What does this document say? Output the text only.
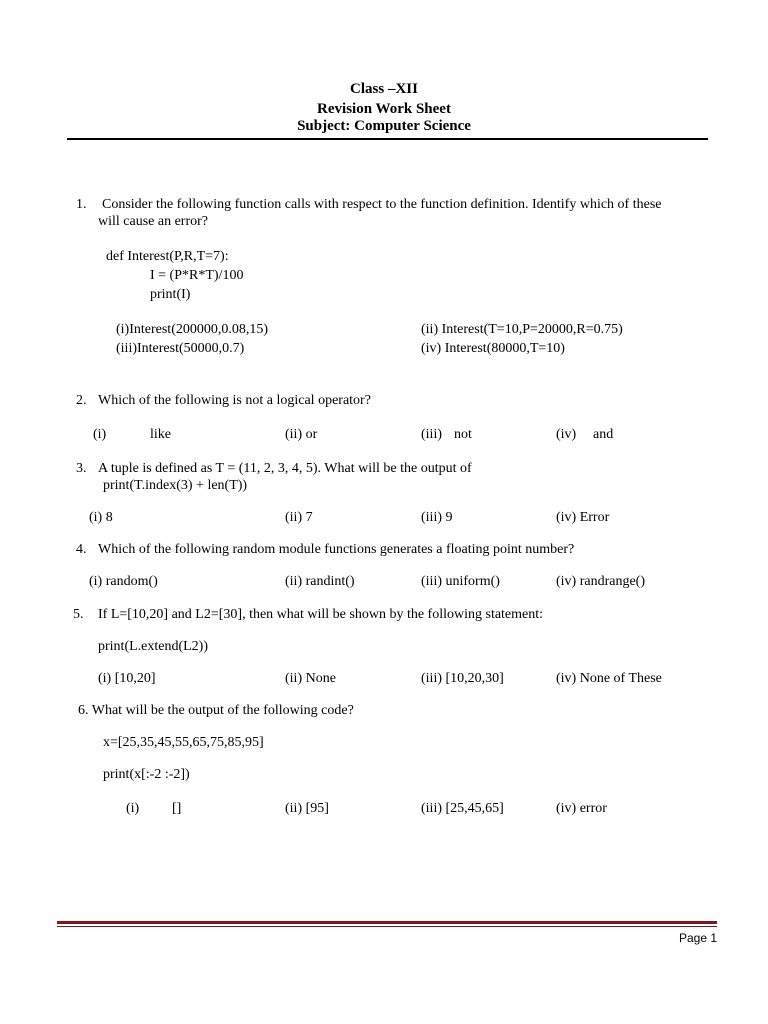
Class –XII
Revision Work Sheet
Subject: Computer Science
1. Consider the following function calls with respect to the function definition. Identify which of these
will cause an error?
def Interest(P,R,T=7):
I = (P*R*T)/100
print(I)
(i)Interest(200000,0.08,15)	(ii) Interest(T=10,P=20000,R=0.75)
(iii)Interest(50000,0.7)	(iv) Interest(80000,T=10)
2. Which of the following is not a logical operator?
(i)	like	(ii) or	(iii) not	(iv) and
3. A tuple is defined as T = (11, 2, 3, 4, 5). What will be the output of
print(T.index(3) + len(T))
(i) 8	(ii) 7	(iii) 9	(iv) Error
4. Which of the following random module functions generates a floating point number?
(i) random()	(ii) randint()	(iii) uniform()	(iv) randrange()
5. If L=[10,20] and L2=[30], then what will be shown by the following statement:
print(L.extend(L2))
(i) [10,20]	(ii) None	(iii) [10,20,30]	(iv) None of These
6. What will be the output of the following code?
x=[25,35,45,55,65,75,85,95]
print(x[:-2 :-2])
(i) []	(ii) [95]	(iii) [25,45,65]	(iv) error
Page 1
